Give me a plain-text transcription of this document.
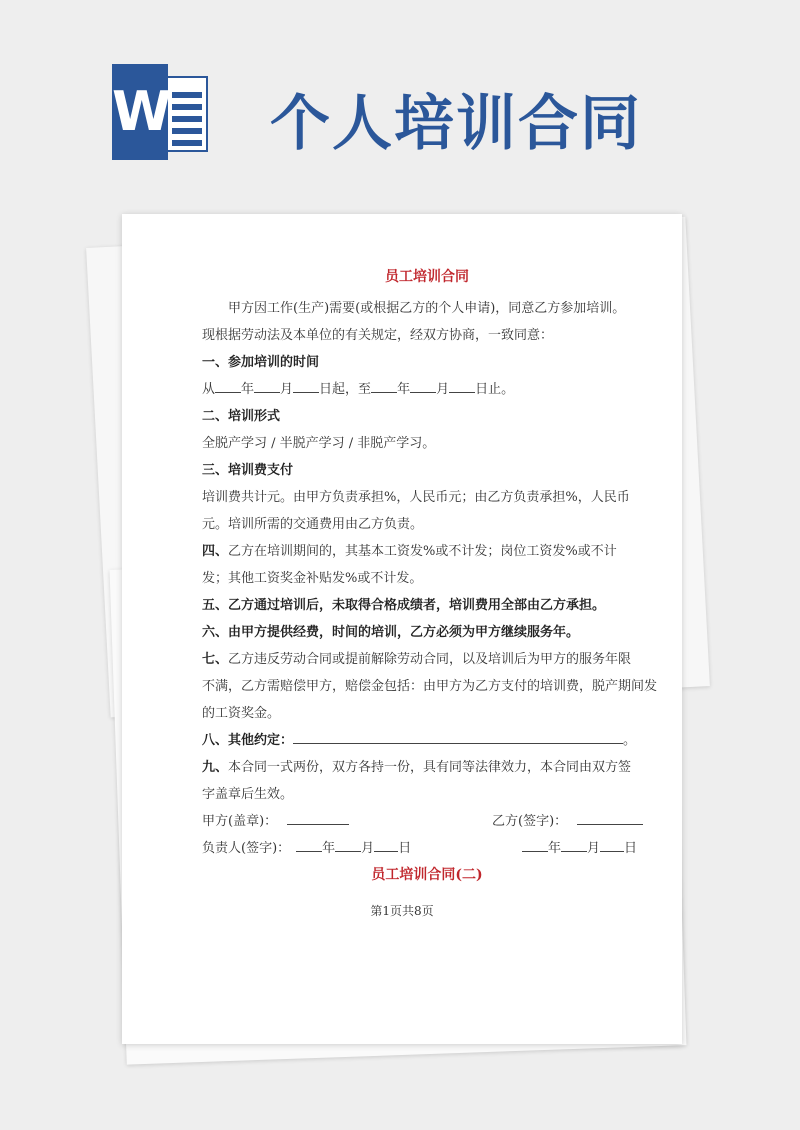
W 个人培训合同
员工培训合同
甲方因工作(生产)需要(或根据乙方的个人申请)，同意乙方参加培训。
现根据劳动法及本单位的有关规定，经双方协商，一致同意：
一、参加培训的时间
从 年 月 日起，至 年 月 日止。
二、培训形式
全脱产学习 / 半脱产学习 / 非脱产学习。
三、培训费支付
培训费共计元。由甲方负责承担%，人民币元；由乙方负责承担%，人民币
元。培训所需的交通费用由乙方负责。
四、乙方在培训期间的，其基本工资发%或不计发；岗位工资发%或不计
发；其他工资奖金补贴发%或不计发。
五、乙方通过培训后，未取得合格成绩者，培训费用全部由乙方承担。
六、由甲方提供经费，时间的培训，乙方必须为甲方继续服务年。
七、乙方违反劳动合同或提前解除劳动合同，以及培训后为甲方的服务年限
不满，乙方需赔偿甲方，赔偿金包括：由甲方为乙方支付的培训费，脱产期间发
的工资奖金。
八、其他约定：	。
九、本合同一式两份，双方各持一份，具有同等法律效力，本合同由双方签
字盖章后生效。
甲方(盖章)：	乙方(签字)：
负责人(签字)： 年 月 日	年 月 日
员工培训合同(二)
第1页共8页
